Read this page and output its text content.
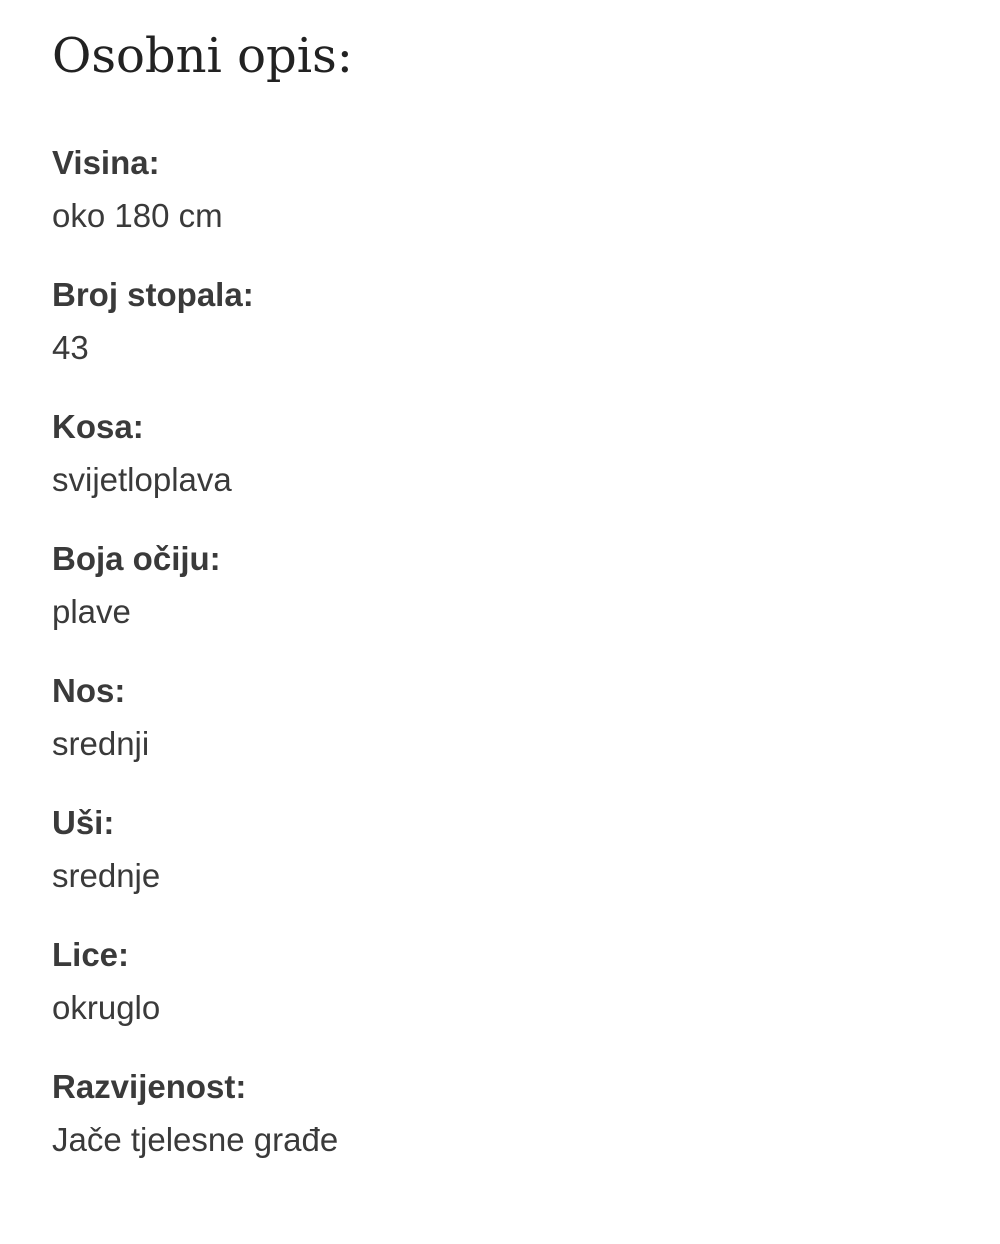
Osobni opis:
Visina:
oko 180 cm
Broj stopala:
43
Kosa:
svijetloplava
Boja očiju:
plave
Nos:
srednji
Uši:
srednje
Lice:
okruglo
Razvijenost:
Jače tjelesne građe
